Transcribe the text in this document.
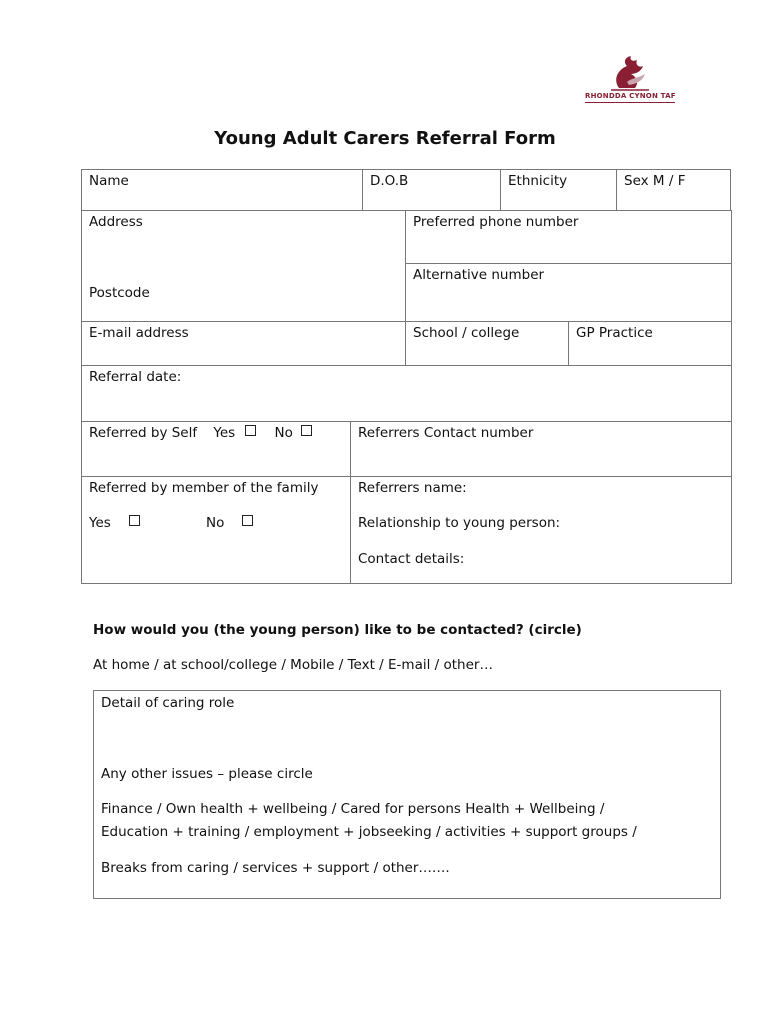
RHONDDA CYNON TAF
Young Adult Carers Referral Form
Name	D.O.B	Ethnicity	Sex M / F
Address
Postcode
Preferred phone number
Alternative number
E-mail address	School / college	GP Practice
Referral date:
Referred by Self Yes	No	Referrers Contact number
Referred by member of the family
Yes	No
Referrers name:
Relationship to young person:
Contact details:
How would you (the young person) like to be contacted? (circle)
At home / at school/college / Mobile / Text / E-mail / other…
Detail of caring role
Any other issues – please circle
Finance / Own health + wellbeing / Cared for persons Health + Wellbeing /
Education + training / employment + jobseeking / activities + support groups /
Breaks from caring / services + support / other…….
